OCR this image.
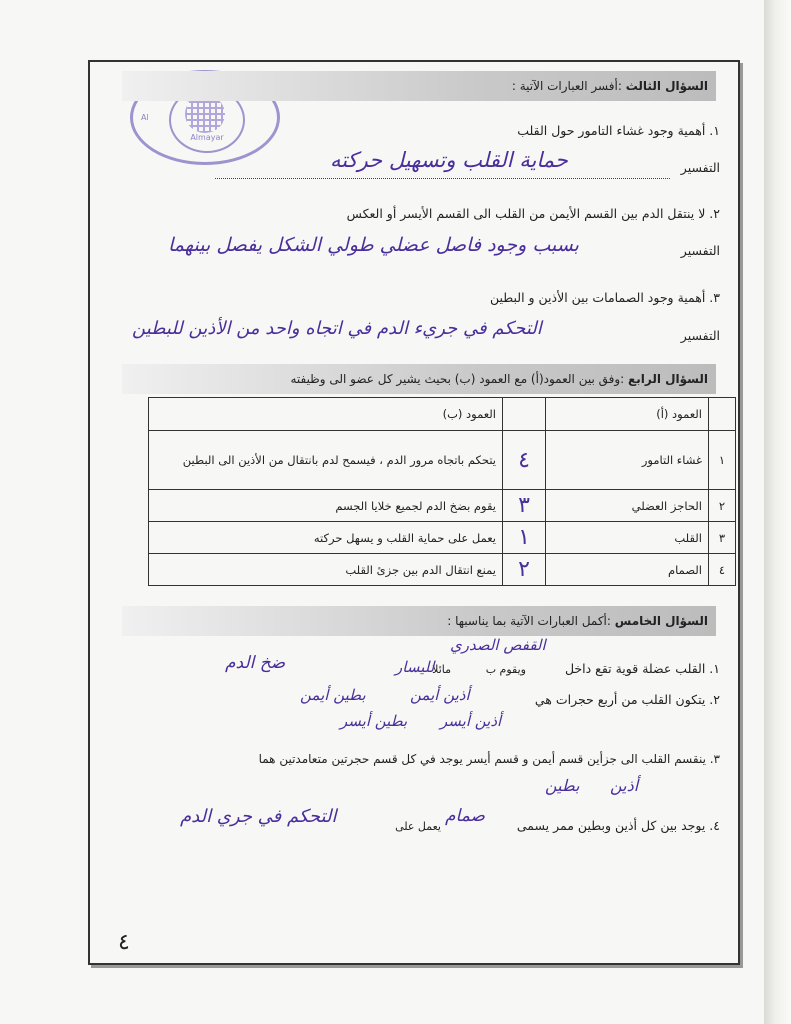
Almayar
Al
السؤال الثالث :أفسر العبارات الآتية :
١. أهمية وجود غشاء التامور حول القلب
التفسير
حماية القلب وتسهيل حركته
٢. لا ينتقل الدم بين القسم الأيمن من القلب الى القسم الأيسر أو العكس
التفسير
بسبب وجود فاصل عضلي طولي الشكل يفصل بينهما
٣. أهمية وجود الصمامات بين الأذين و البطين
التفسير
التحكم في جريء الدم في اتجاه واحد من الأذين للبطين
السؤال الرابع :وفق بين العمود(أ) مع العمود (ب) بحيث يشير كل عضو الى وظيفته
	العمود (أ)		العمود (ب)
١	غشاء التامور	٤	يتحكم باتجاه مرور الدم ، فيسمح لدم بانتقال من الأذين الى البطين
٢	الحاجز العضلي	٣	يقوم بضخ الدم لجميع خلايا الجسم
٣	القلب	١	يعمل على حماية القلب و يسهل حركته
٤	الصمام	٢	يمنع انتقال الدم بين جزئ القلب
السؤال الخامس :أكمل العبارات الآتية بما يناسبها :
١. القلب عضلة قوية تقع داخل
مائلا	ويقوم ب
القفص الصدري
لليسار
ضخ الدم
٢. يتكون القلب من أربع حجرات هي
أذين أيمن
بطين أيمن
أذين أيسر
بطين أيسر
٣. ينقسم القلب الى جزأين قسم أيمن و قسم أيسر يوجد في كل قسم حجرتين متعامدتين هما
أذين
بطين
٤. يوجد بين كل أذين وبطين ممر يسمى
يعمل على
صمام
التحكم في جري الدم
٤
